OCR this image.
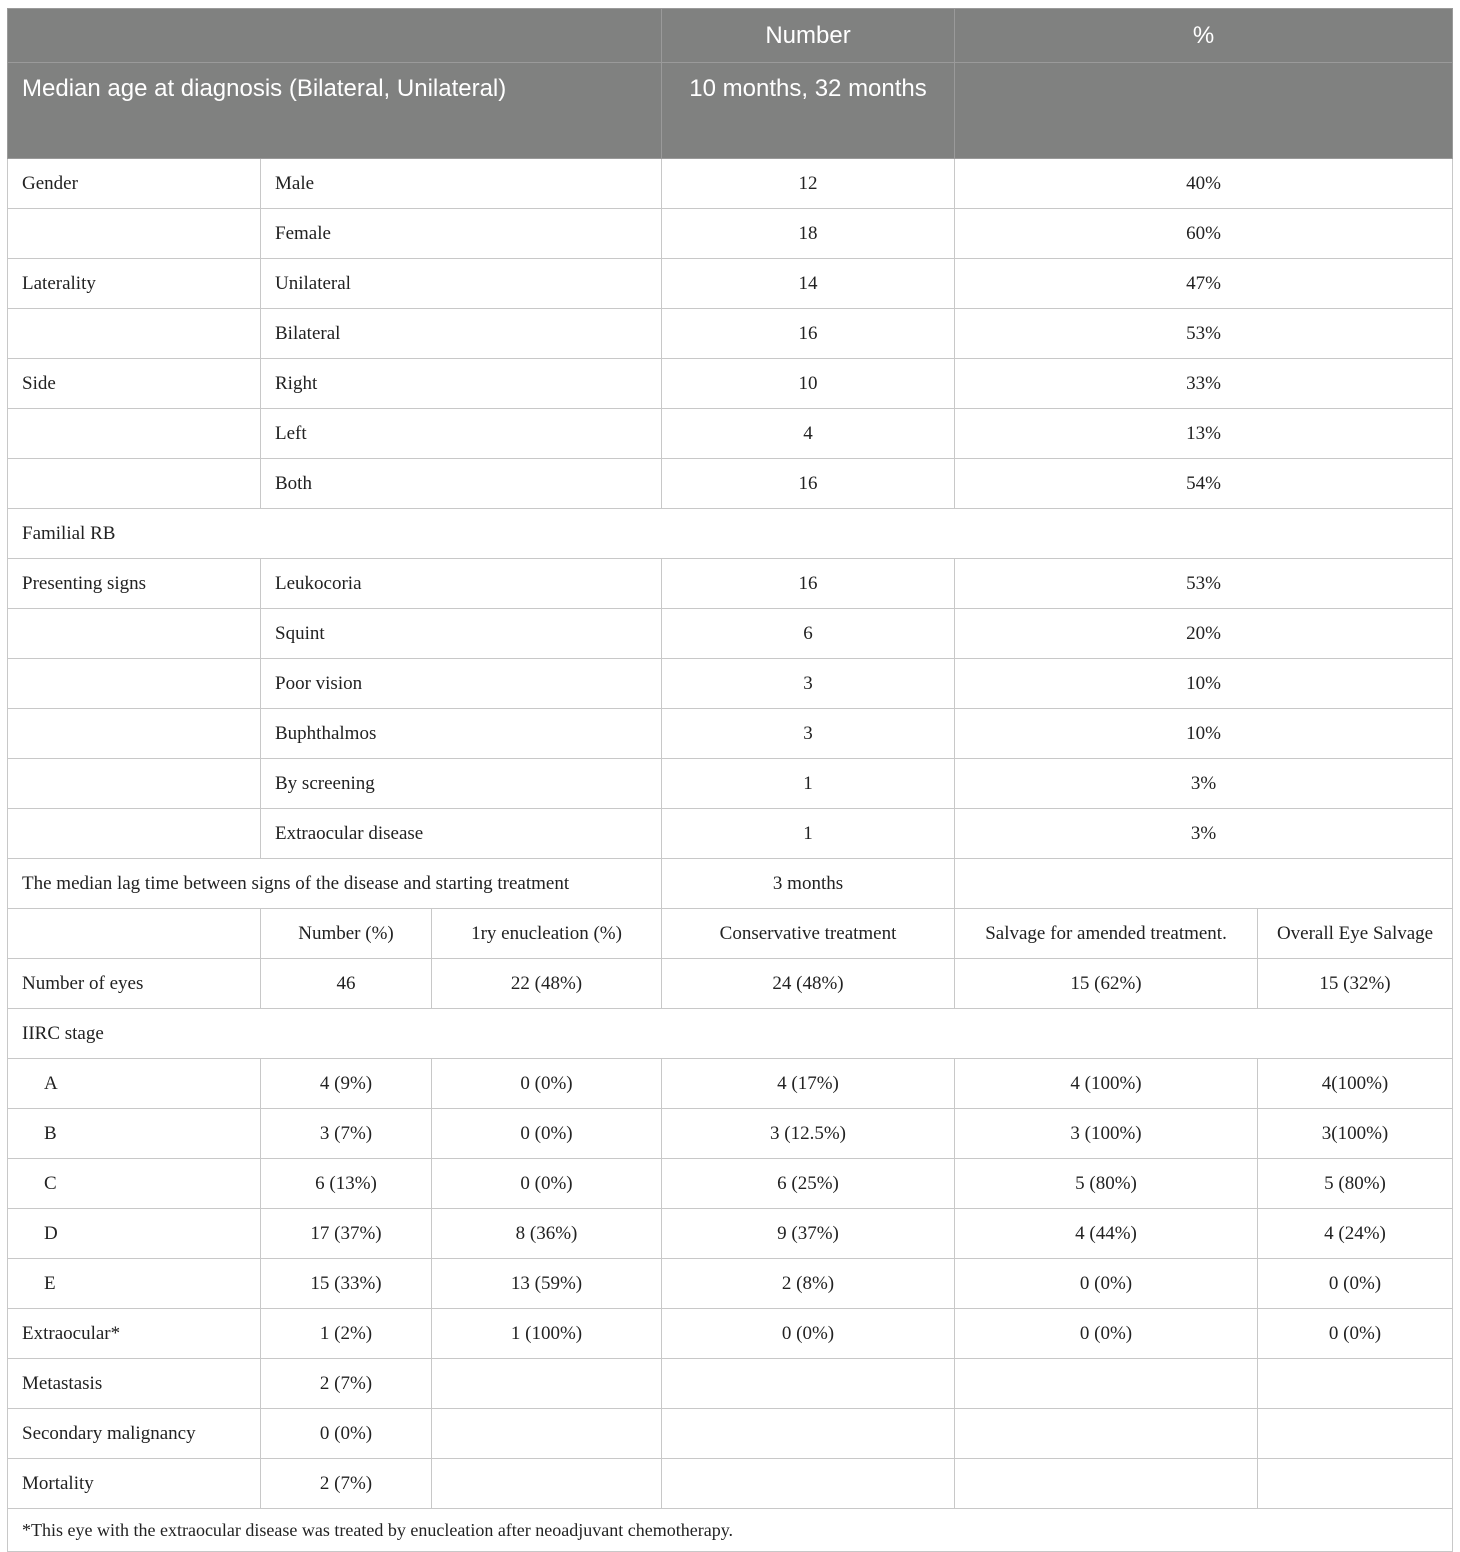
			Number	%	
Median age at diagnosis (Bilateral, Unilateral)			10 months, 32 months		
Gender	Male		12	40%	
	Female		18	60%	
Laterality	Unilateral		14	47%	
	Bilateral		16	53%	
Side	Right		10	33%	
	Left		4	13%	
	Both		16	54%	
Familial RB					
Presenting signs	Leukocoria		16	53%	
	Squint		6	20%	
	Poor vision		3	10%	
	Buphthalmos		3	10%	
	By screening		1	3%	
	Extraocular disease		1	3%	
The median lag time between signs of the disease and starting treatment			3 months		
	Number (%)	1ry enucleation (%)	Conservative treatment	Salvage for amended treatment.	Overall Eye Salvage
Number of eyes	46	22 (48%)	24 (48%)	15 (62%)	15 (32%)
IIRC stage					
A	4 (9%)	0 (0%)	4 (17%)	4 (100%)	4(100%)
B	3 (7%)	0 (0%)	3 (12.5%)	3 (100%)	3(100%)
C	6 (13%)	0 (0%)	6 (25%)	5 (80%)	5 (80%)
D	17 (37%)	8 (36%)	9 (37%)	4 (44%)	4 (24%)
E	15 (33%)	13 (59%)	2 (8%)	0 (0%)	0 (0%)
Extraocular*	1 (2%)	1 (100%)	0 (0%)	0 (0%)	0 (0%)
Metastasis	2 (7%)				
Secondary malignancy	0 (0%)				
Mortality	2 (7%)				
*This eye with the extraocular disease was treated by enucleation after neoadjuvant chemotherapy.					
